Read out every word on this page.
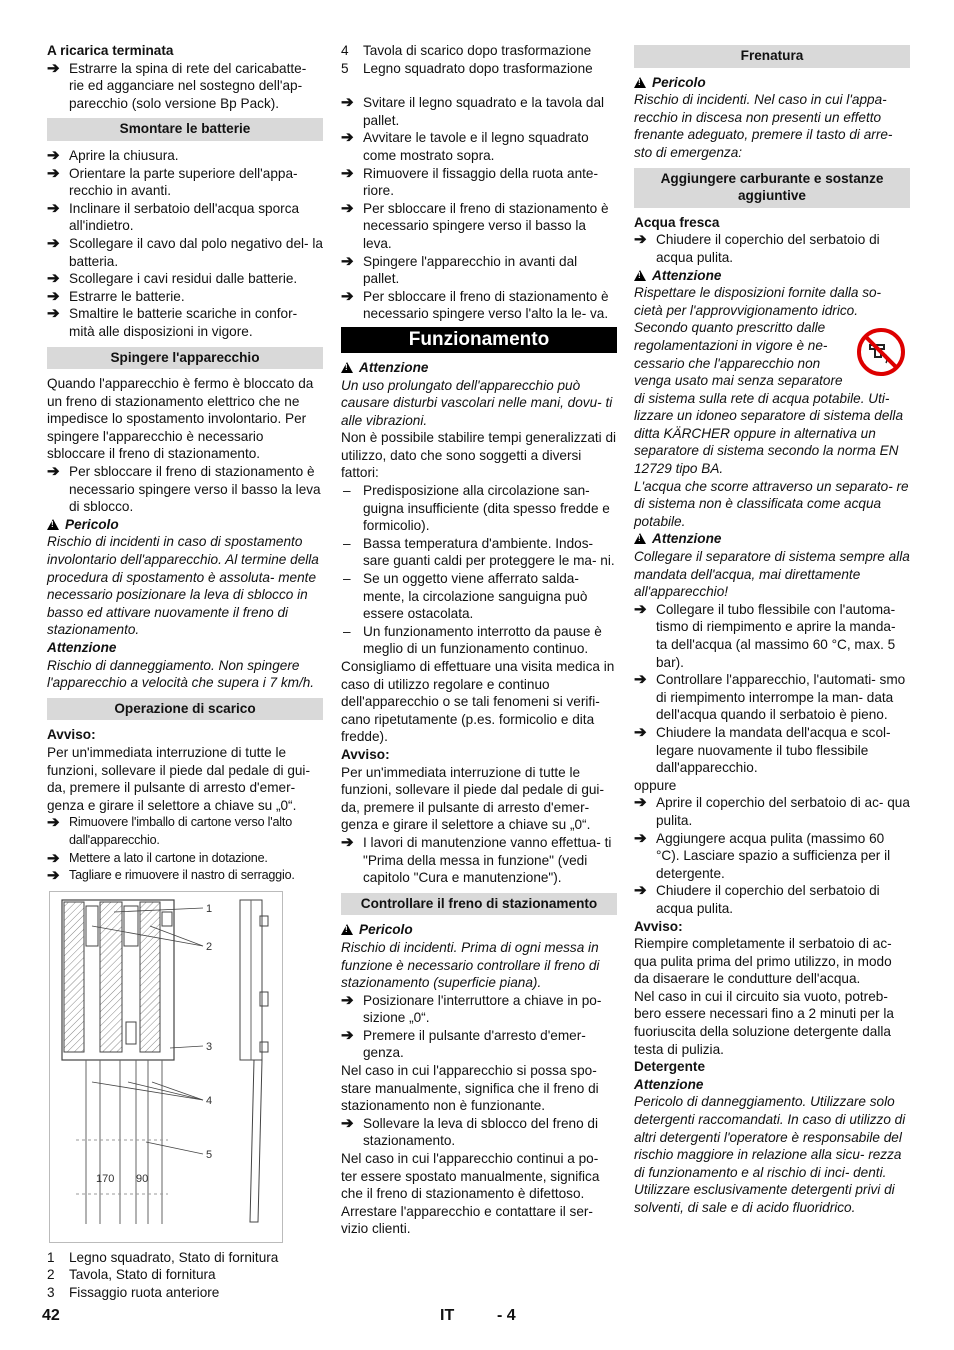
A ricarica terminata

➔ Estrarre la spina di rete del caricabatte- rie ed agganciare nel sostegno dell'ap- parecchio (solo versione Bp Pack).
Smontare le batterie
➔ Aprire la chiusura.
➔ Orientare la parte superiore dell'appa- recchio in avanti.
➔ Inclinare il serbatoio dell'acqua sporca all'indietro.
➔ Scollegare il cavo dal polo negativo del- la batteria.
➔ Scollegare i cavi residui dalle batterie.
➔ Estrarre le batterie.
➔ Smaltire le batterie scariche in confor- mità alle disposizioni in vigore.
Spingere l'apparecchio

Quando l'apparecchio è fermo è bloccato da un freno di stazionamento elettrico che ne impedisce lo spostamento involontario. Per spingere l'apparecchio è necessario sbloccare il freno di stazionamento.

➔ Per sbloccare il freno di stazionamento è necessario spingere verso il basso la leva di sblocco.

!Pericolo

Rischio di incidenti in caso di spostamento involontario dell'apparecchio. Al termine della procedura di spostamento è assoluta- mente necessario posizionare la leva di sblocco in basso ed attivare nuovamente il freno di stazionamento.

Attenzione

Rischio di danneggiamento. Non spingere l'apparecchio a velocità che supera i 7 km/h.

Operazione di scarico

Avviso:

Per un'immediata interruzione di tutte le funzioni, sollevare il piede dal pedale di gui- da, premere il pulsante di arresto d'emer- genza e girare il selettore a chiave su „0“.

➔ Rimuovere l'imballo di cartone verso l'alto dall'apparecchio.
➔ Mettere a lato il cartone in dotazione.
➔ Tagliare e rimuovere il nastro di serraggio.
1
2
3
4
5
170 90
1 Legno squadrato, Stato di fornitura
2 Tavola, Stato di fornitura
3 Fissaggio ruota anteriore
4 Tavola di scarico dopo trasformazione
5 Legno squadrato dopo trasformazione
➔ Svitare il legno squadrato e la tavola dal pallet.
➔ Avvitare le tavole e il legno squadrato come mostrato sopra.
➔ Rimuovere il fissaggio della ruota ante- riore.
➔ Per sbloccare il freno di stazionamento è necessario spingere verso il basso la leva.
➔ Spingere l'apparecchio in avanti dal pallet.
➔ Per sbloccare il freno di stazionamento è necessario spingere verso l'alto la le- va.
Funzionamento

!Attenzione

Un uso prolungato dell'apparecchio può causare disturbi vascolari nelle mani, dovu- ti alle vibrazioni.

Non è possibile stabilire tempi generalizzati di utilizzo, dato che sono soggetti a diversi fattori:

– Predisposizione alla circolazione san- guigna insufficiente (dita spesso fredde e formicolio).
– Bassa temperatura d'ambiente. Indos- sare guanti caldi per proteggere le ma- ni.
– Se un oggetto viene afferrato salda- mente, la circolazione sanguigna può essere ostacolata.
– Un funzionamento interrotto da pause è meglio di un funzionamento continuo.

Consigliamo di effettuare una visita medica in caso di utilizzo regolare e continuo dell'apparecchio o se tali fenomeni si verifi- cano ripetutamente (p.es. formicolio e dita fredde).

Avviso:

Per un'immediata interruzione di tutte le funzioni, sollevare il piede dal pedale di gui- da, premere il pulsante di arresto d'emer- genza e girare il selettore a chiave su „0“.

➔ I lavori di manutenzione vanno effettua- ti "Prima della messa in funzione" (vedi capitolo "Cura e manutenzione").
Controllare il freno di stazionamento

!Pericolo

Rischio di incidenti. Prima di ogni messa in funzione è necessario controllare il freno di stazionamento (superficie piana).

➔ Posizionare l'interruttore a chiave in po- sizione „0“.
➔ Premere il pulsante d'arresto d'emer- genza.

Nel caso in cui l'apparecchio si possa spo- stare manualmente, significa che il freno di stazionamento non è funzionante.

➔ Sollevare la leva di sblocco del freno di stazionamento.

Nel caso in cui l'apparecchio continui a po- ter essere spostato manualmente, significa che il freno di stazionamento è difettoso. Arrestare l'apparecchio e contattare il ser- vizio clienti.

Frenatura

!Pericolo

Rischio di incidenti. Nel caso in cui l'appa- recchio in discesa non presenti un effetto frenante adeguato, premere il tasto di arre- sto di emergenza:

Aggiungere carburante e sostanze aggiuntive

Acqua fresca

➔ Chiudere il coperchio del serbatoio di acqua pulita.

!Attenzione

Rispettare le disposizioni fornite dalla so- cietà per l'approvvigionamento idrico.

Secondo quanto prescritto dalle regolamentazioni in vigore è ne- cessario che l'apparecchio non venga usato mai senza separatore di sistema sulla rete di acqua potabile. Uti- lizzare un idoneo separatore di sistema della ditta KÄRCHER oppure in alternativa un separatore di sistema secondo la norma EN 12729 tipo BA.

L'acqua che scorre attraverso un separato- re di sistema non è classificata come acqua potabile.

!Attenzione

Collegare il separatore di sistema sempre alla mandata dell'acqua, mai direttamente all'apparecchio!

➔ Collegare il tubo flessibile con l'automa- tismo di riempimento e aprire la manda- ta dell'acqua (al massimo 60 °C, max. 5 bar).
➔ Controllare l'apparecchio, l'automati- smo di riempimento interrompe la man- data dell'acqua quando il serbatoio è pieno.
➔ Chiudere la mandata dell'acqua e scol- legare nuovamente il tubo flessibile dall'apparecchio.

oppure

➔ Aprire il coperchio del serbatoio di ac- qua pulita.
➔ Aggiungere acqua pulita (massimo 60 °C). Lasciare spazio a sufficienza per il detergente.
➔ Chiudere il coperchio del serbatoio di acqua pulita.

Avviso:

Riempire completamente il serbatoio di ac- qua pulita prima del primo utilizzo, in modo da disaerare le condutture dell'acqua.

Nel caso in cui il circuito sia vuoto, potreb- bero essere necessari fino a 2 minuti per la fuoriuscita della soluzione detergente dalla testa di pulizia.

Detergente

Attenzione

Pericolo di danneggiamento. Utilizzare solo detergenti raccomandati. In caso di utilizzo di altri detergenti l'operatore è responsabile del rischio maggiore in relazione alla sicu- rezza di funzionamento e al rischio di inci- denti.

Utilizzare esclusivamente detergenti privi di solventi, di sale e di acido fluoridrico.

42	IT	- 4
